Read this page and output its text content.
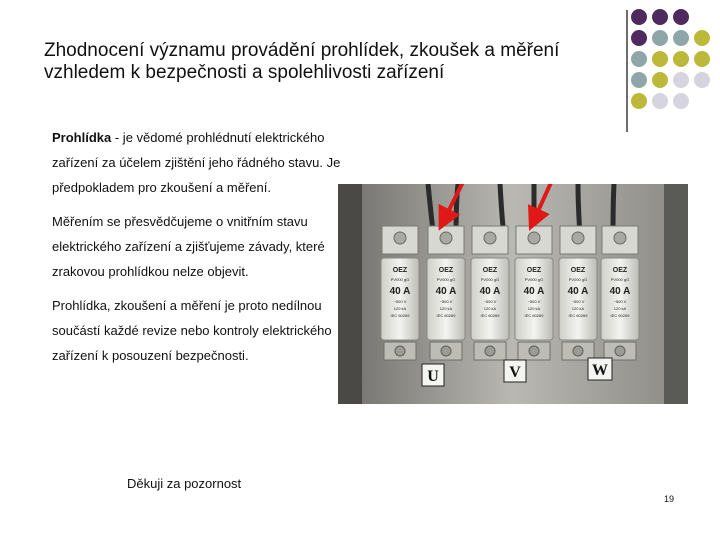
Zhodnocení významu provádění prohlídek, zkoušek a měření
vzhledem k bezpečnosti a spolehlivosti zařízení

Prohlídka - je vědomé prohlédnutí elektrického zařízení za účelem zjištění jeho řádného stavu. Je předpokladem pro zkoušení a měření.

Měřením se přesvědčujeme o vnitřním stavu elektrického zařízení a zjišťujeme závady, které zrakovou prohlídkou nelze objevit.

Prohlídka, zkoušení a měření je proto nedílnou součástí každé revize nebo kontroly elektrického zařízení k posouzení bezpečnosti.

OEZ
PV000 gG
40 A
~500 V
120 kA
IEC 60269
OEZ
PV000 gG
40 A
~500 V
120 kA
IEC 60269
OEZ
PV000 gG
40 A
~500 V
120 kA
IEC 60269
OEZ
PV000 gG
40 A
~500 V
120 kA
IEC 60269
OEZ
PV000 gG
40 A
~500 V
120 kA
IEC 60269
OEZ
PV000 gG
40 A
~500 V
120 kA
IEC 60269
U	V	W
Děkuji za pozornost
19
